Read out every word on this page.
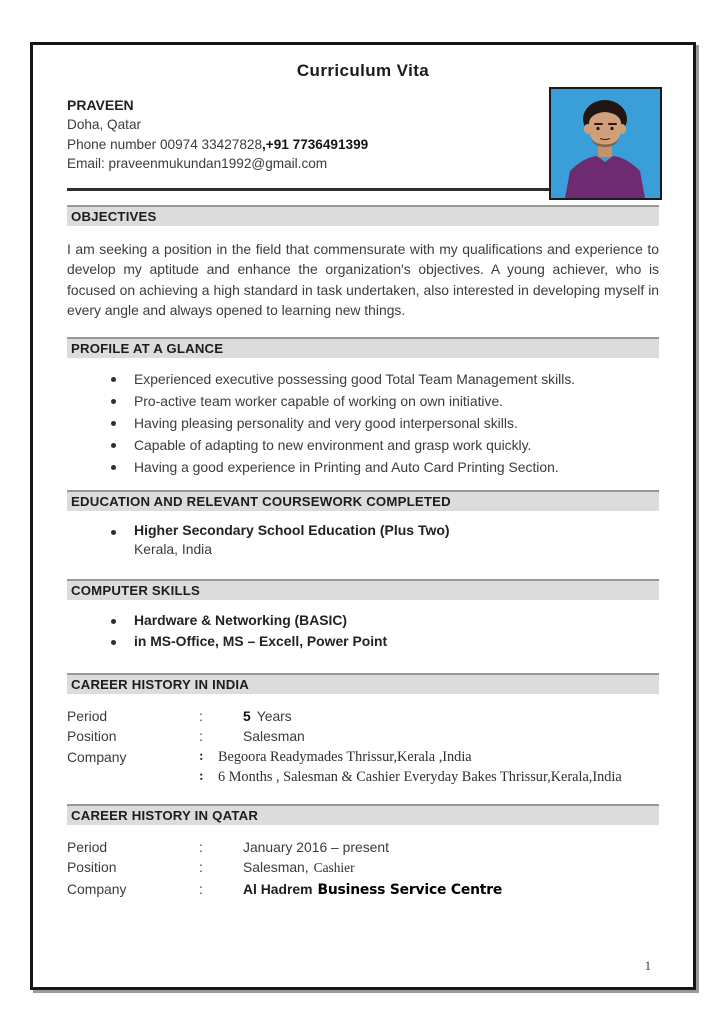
Curriculum Vita
PRAVEEN
Doha, Qatar
Phone number 00974 33427828,+91 7736491399
Email: praveenmukundan1992@gmail.com
OBJECTIVES

I am seeking a position in the field that commensurate with my qualifications and experience to develop my aptitude and enhance the organization's objectives. A young achiever, who is focused on achieving a high standard in task undertaken, also interested in developing myself in every angle and always opened to learning new things.

PROFILE AT A GLANCE
Experienced executive possessing good Total Team Management skills.
Pro-active team worker capable of working on own initiative.
Having pleasing personality and very good interpersonal skills.
Capable of adapting to new environment and grasp work quickly.
Having a good experience in Printing and Auto Card Printing Section.
EDUCATION AND RELEVANT COURSEWORK COMPLETED
Higher Secondary School Education (Plus Two)
Kerala, India
COMPUTER SKILLS
Hardware & Networking (BASIC)
in MS-Office, MS – Excell, Power Point
CAREER HISTORY IN INDIA
Period	:	5 Years
Position	:	Salesman
Company	:	Begoora Readymades Thrissur,Kerala ,India
:	6 Months , Salesman & Cashier Everyday Bakes Thrissur,Kerala,India
CAREER HISTORY IN QATAR
Period	:	January 2016 – present
Position	:	Salesman, Cashier
Company	:	Al Hadrem Business Service Centre
1
